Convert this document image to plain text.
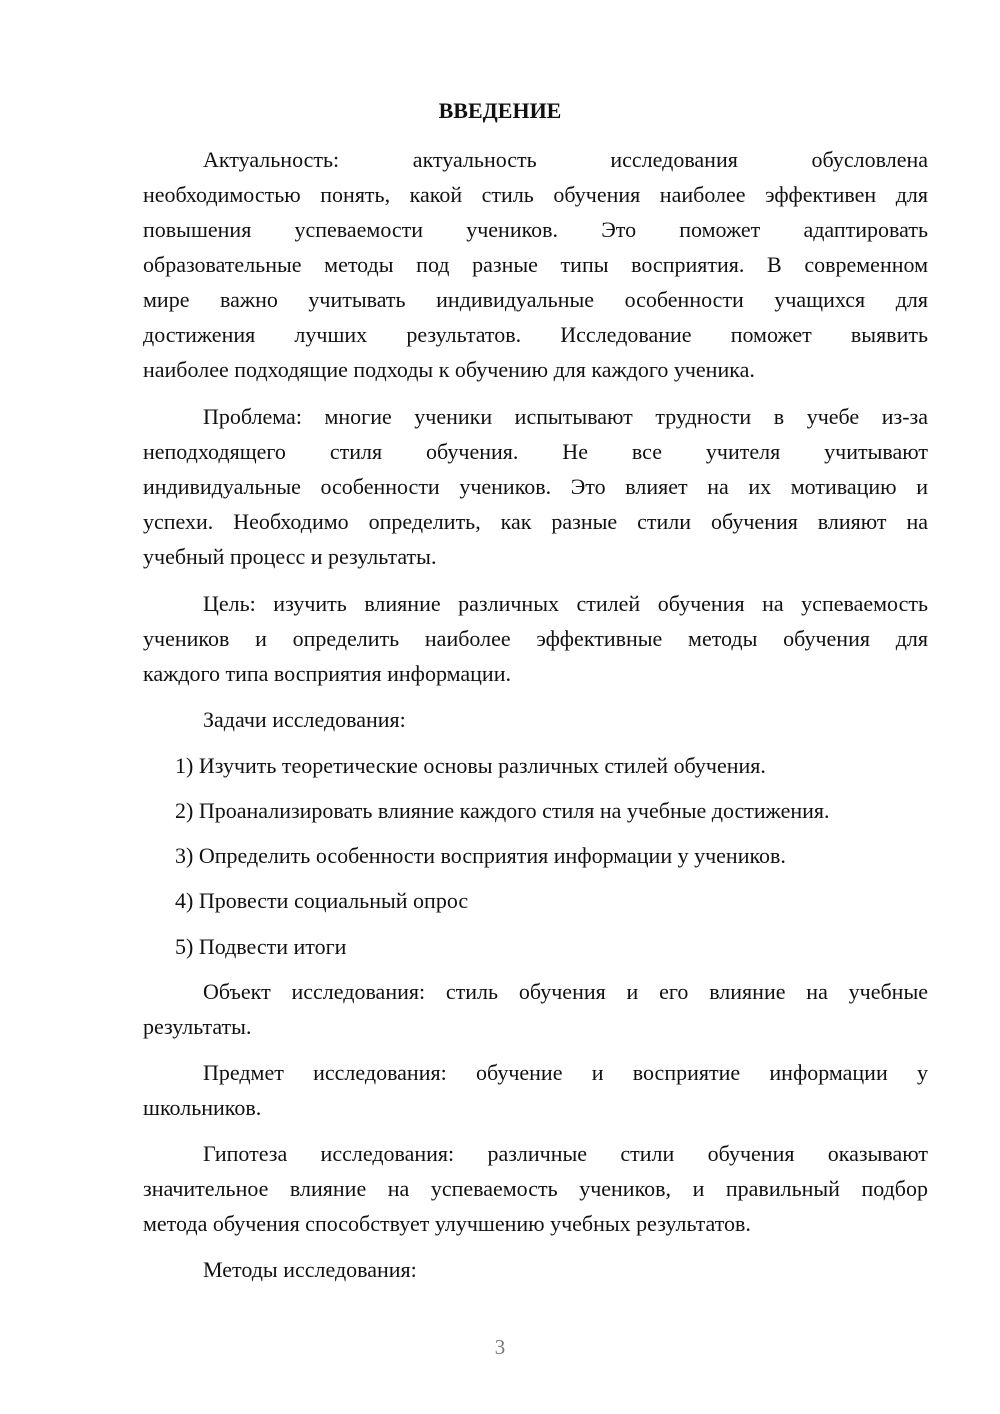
ВВЕДЕНИЕ

Актуальность: актуальность исследования обусловлена
необходимостью понять, какой стиль обучения наиболее эффективен для
повышения успеваемости учеников. Это поможет адаптировать
образовательные методы под разные типы восприятия. В современном
мире важно учитывать индивидуальные особенности учащихся для
достижения лучших результатов. Исследование поможет выявить
наиболее подходящие подходы к обучению для каждого ученика.

Проблема: многие ученики испытывают трудности в учебе из-за
неподходящего стиля обучения. Не все учителя учитывают
индивидуальные особенности учеников. Это влияет на их мотивацию и
успехи. Необходимо определить, как разные стили обучения влияют на
учебный процесс и результаты.

Цель: изучить влияние различных стилей обучения на успеваемость
учеников и определить наиболее эффективные методы обучения для
каждого типа восприятия информации.

Задачи исследования:

1) Изучить теоретические основы различных стилей обучения.

2) Проанализировать влияние каждого стиля на учебные достижения.

3) Определить особенности восприятия информации у учеников.

4) Провести социальный опрос

5) Подвести итоги

Объект исследования: стиль обучения и его влияние на учебные
результаты.

Предмет исследования: обучение и восприятие информации у
школьников.

Гипотеза исследования: различные стили обучения оказывают
значительное влияние на успеваемость учеников, и правильный подбор
метода обучения способствует улучшению учебных результатов.

Методы исследования:

3
